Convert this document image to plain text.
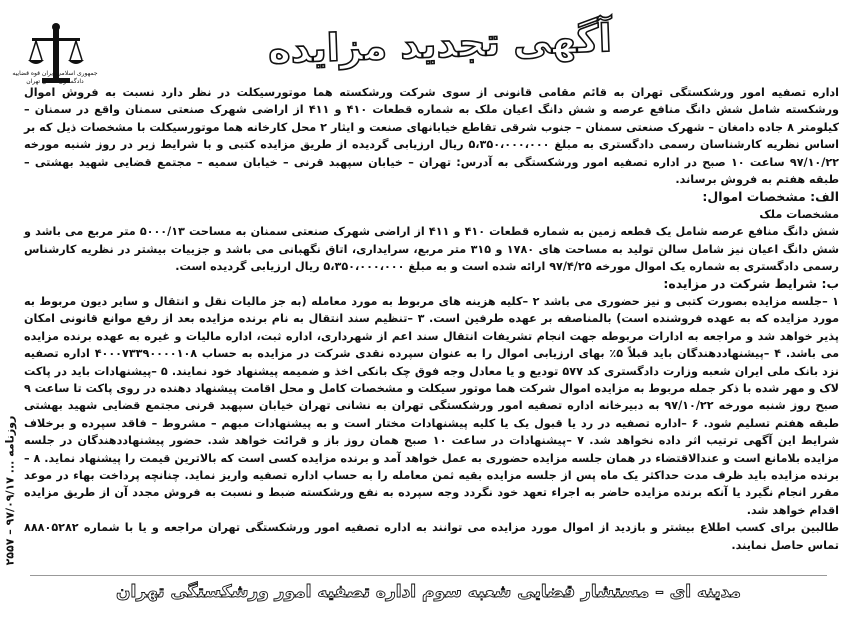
جمهوری اسلامی ایران قوه قضاییه دادگستری استان تهران
آگهی تجدید مزایده
روزنامه ... ۹۷/۰۹/۱۷ – ۲۵۵۷

اداره تصفیه امور ورشکستگی تهران به قائم مقامی قانونی از سوی شرکت ورشکسته هما موتورسیکلت در نظر دارد نسبت به فروش اموال ورشکسته شامل شش دانگ منافع عرصه و شش دانگ اعیان ملک به شماره قطعات ۴۱۰ و ۴۱۱ از اراضی شهرک صنعتی سمنان واقع در سمنان – کیلومتر ۸ جاده دامغان – شهرک صنعتی سمنان – جنوب شرقی تقاطع خیابانهای صنعت و ایثار ۲ محل کارخانه هما موتورسیکلت با مشخصات ذیل که بر اساس نظریه کارشناسان رسمی دادگستری به مبلغ ۵،۳۵۰،۰۰۰،۰۰۰ ریال ارزیابی گردیده از طریق مزایده کتبی و با شرایط زیر در روز شنبه مورخه ۹۷/۱۰/۲۲ ساعت ۱۰ صبح در اداره تصفیه امور ورشکستگی به آدرس: تهران – خیابان سپهبد قرنی – خیابان سمیه – مجتمع قضایی شهید بهشتی – طبقه هفتم به فروش برساند.

الف: مشخصات اموال:

مشخصات ملک

شش دانگ منافع عرصه شامل یک قطعه زمین به شماره قطعات ۴۱۰ و ۴۱۱ از اراضی شهرک صنعتی سمنان به مساحت ۵۰۰۰/۱۳ متر مربع می باشد و شش دانگ اعیان نیز شامل سالن تولید به مساحت های ۱۷۸۰ و ۳۱۵ متر مربع، سرایداری، اتاق نگهبانی می باشد و جزییات بیشتر در نظریه کارشناس رسمی دادگستری به شماره یک اموال مورخه ۹۷/۴/۲۵ ارائه شده است و به مبلغ ۵،۳۵۰،۰۰۰،۰۰۰ ریال ارزیابی گردیده است.

ب: شرایط شرکت در مزایده:

۱ –جلسه مزایده بصورت کتبی و نیز حضوری می باشد ۲ –کلیه هزینه های مربوط به مورد معامله (به جز مالیات نقل و انتقال و سایر دیون مربوط به مورد مزایده که به عهده فروشنده است) بالمناصفه بر عهده طرفین است. ۳ –تنظیم سند انتقال به نام برنده مزایده بعد از رفع موانع قانونی امکان پذیر خواهد شد و مراجعه به ادارات مربوطه جهت انجام تشریفات انتقال سند اعم از شهرداری، اداره ثبت، اداره مالیات و غیره به عهده برنده مزایده می باشد. ۴ –پیشنهاددهندگان باید قبلاً ۵٪ بهای ارزیابی اموال را به عنوان سپرده نقدی شرکت در مزایده به حساب ۴۰۰۰۷۳۳۹۰۰۰۰۱۰۸ اداره تصفیه نزد بانک ملی ایران شعبه وزارت دادگستری کد ۵۷۷ تودیع و یا معادل وجه فوق چک بانکی اخذ و ضمیمه پیشنهاد خود نمایند. ۵ –پیشنهادات باید در پاکت لاک و مهر شده با ذکر جمله مربوط به مزایده اموال شرکت هما موتور سیکلت و مشخصات کامل و محل اقامت پیشنهاد دهنده در روی پاکت تا ساعت ۹ صبح روز شنبه مورخه ۹۷/۱۰/۲۲ به دبیرخانه اداره تصفیه امور ورشکستگی تهران به نشانی تهران خیابان سپهبد قرنی مجتمع قضایی شهید بهشتی طبقه هفتم تسلیم شود. ۶ –اداره تصفیه در رد یا قبول یک یا کلیه پیشنهادات مختار است و به پیشنهادات مبهم – مشروط – فاقد سپرده و برخلاف شرایط این آگهی ترتیب اثر داده نخواهد شد. ۷ –پیشنهادات در ساعت ۱۰ صبح همان روز باز و قرائت خواهد شد. حضور پیشنهاددهندگان در جلسه مزایده بلامانع است و عندالاقتضاء در همان جلسه مزایده حضوری به عمل خواهد آمد و برنده مزایده کسی است که بالاترین قیمت را پیشنهاد نماید. ۸ –برنده مزایده باید ظرف مدت حداکثر یک ماه پس از جلسه مزایده بقیه ثمن معامله را به حساب اداره تصفیه واریز نماید. چنانچه پرداخت بهاء در موعد مقرر انجام نگیرد یا آنکه برنده مزایده حاضر به اجراء تعهد خود نگردد وجه سپرده به نفع ورشکسته ضبط و نسبت به فروش مجدد آن از طریق مزایده اقدام خواهد شد.

طالبین برای کسب اطلاع بیشتر و بازدید از اموال مورد مزایده می توانند به اداره تصفیه امور ورشکستگی تهران مراجعه و یا با شماره ۸۸۸۰۵۲۸۲ تماس حاصل نمایند.

مدینه ای – مستشار قضایی شعبه سوم اداره تصفیه امور ورشکستگی تهران
